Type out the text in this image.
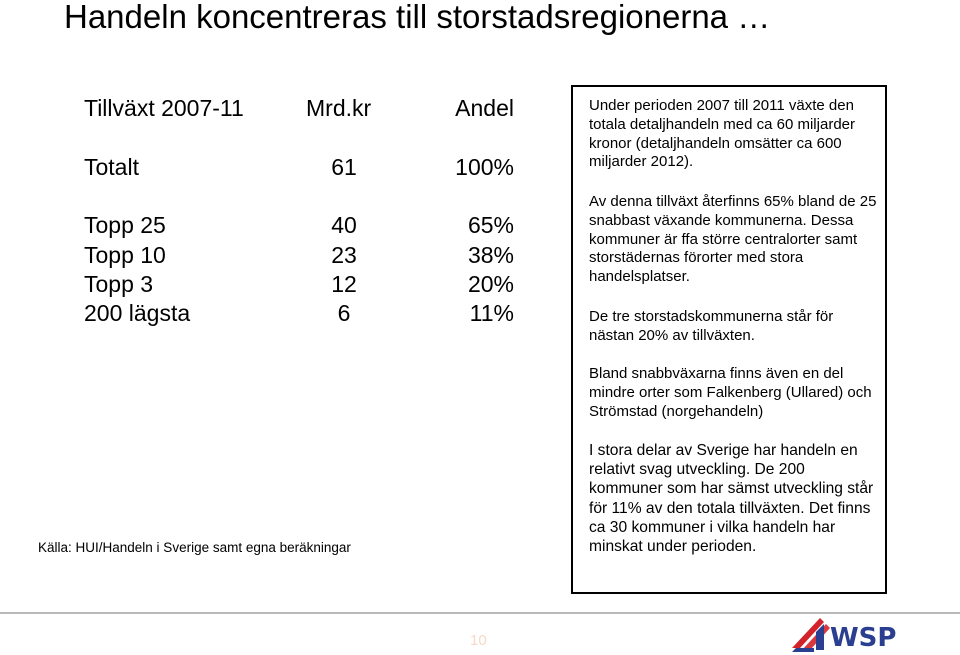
Handeln koncentreras till storstadsregionerna …
Tillväxt 2007-11	Mrd.kr	Andel
Totalt	61	100%
Topp 25	40	65%
Topp 10	23	38%
Topp 3	12	20%
200 lägsta	6	11%
Källa: HUI/Handeln i Sverige samt egna beräkningar
Under perioden 2007 till 2011 växte den totala detaljhandeln med ca 60 miljarder kronor (detaljhandeln omsätter ca 600 miljarder 2012).
Av denna tillväxt återfinns 65% bland de 25 snabbast växande kommunerna. Dessa kommuner är ffa större centralorter samt storstädernas förorter med stora handelsplatser.
De tre storstadskommunerna står för nästan 20% av tillväxten.
Bland snabbväxarna finns även en del mindre orter som Falkenberg (Ullared) och Strömstad (norgehandeln)
I stora delar av Sverige har handeln en relativt svag utveckling. De 200 kommuner som har sämst utveckling står för 11% av den totala tillväxten. Det finns ca 30 kommuner i vilka handeln har minskat under perioden.
10	WSP
